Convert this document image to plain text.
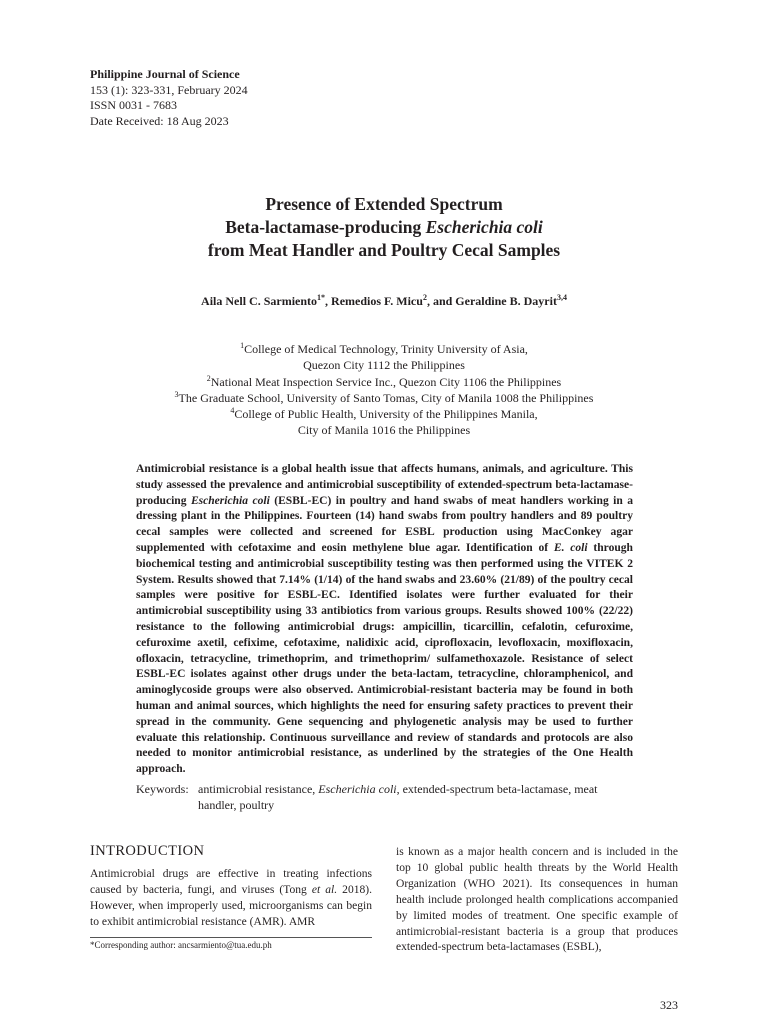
Philippine Journal of Science
153 (1): 323-331, February 2024
ISSN 0031 - 7683
Date Received: 18 Aug 2023
Presence of Extended Spectrum
Beta-lactamase-producing Escherichia coli
from Meat Handler and Poultry Cecal Samples
Aila Nell C. Sarmiento$^{1*}$, Remedios F. Micu$^2$, and Geraldine B. Dayrit$^{3,4}$
$^1$College of Medical Technology, Trinity University of Asia,
Quezon City 1112 the Philippines
$^2$National Meat Inspection Service Inc., Quezon City 1106 the Philippines
$^3$The Graduate School, University of Santo Tomas, City of Manila 1008 the Philippines
$^4$College of Public Health, University of the Philippines Manila,
City of Manila 1016 the Philippines
Antimicrobial resistance is a global health issue that affects humans, animals, and agriculture. This study assessed the prevalence and antimicrobial susceptibility of extended-spectrum beta-lactamase-producing Escherichia coli (ESBL-EC) in poultry and hand swabs of meat handlers working in a dressing plant in the Philippines. Fourteen (14) hand swabs from poultry handlers and 89 poultry cecal samples were collected and screened for ESBL production using MacConkey agar supplemented with cefotaxime and eosin methylene blue agar. Identification of E. coli through biochemical testing and antimicrobial susceptibility testing was then performed using the VITEK 2 System. Results showed that 7.14% (1/14) of the hand swabs and 23.60% (21/89) of the poultry cecal samples were positive for ESBL-EC. Identified isolates were further evaluated for their antimicrobial susceptibility using 33 antibiotics from various groups. Results showed 100% (22/22) resistance to the following antimicrobial drugs: ampicillin, ticarcillin, cefalotin, cefuroxime, cefuroxime axetil, cefixime, cefotaxime, nalidixic acid, ciprofloxacin, levofloxacin, moxifloxacin, ofloxacin, tetracycline, trimethoprim, and trimethoprim/ sulfamethoxazole. Resistance of select ESBL-EC isolates against other drugs under the beta-lactam, tetracycline, chloramphenicol, and aminoglycoside groups were also observed. Antimicrobial-resistant bacteria may be found in both human and animal sources, which highlights the need for ensuring safety practices to prevent their spread in the community. Gene sequencing and phylogenetic analysis may be used to further evaluate this relationship. Continuous surveillance and review of standards and protocols are also needed to monitor antimicrobial resistance, as underlined by the strategies of the One Health approach.
Keywords: antimicrobial resistance, Escherichia coli, extended-spectrum beta-lactamase, meat
handler, poultry
INTRODUCTION
Antimicrobial drugs are effective in treating infections caused by bacteria, fungi, and viruses (Tong et al. 2018). However, when improperly used, microorganisms can begin to exhibit antimicrobial resistance (AMR). AMR
is known as a major health concern and is included in the top 10 global public health threats by the World Health Organization (WHO 2021). Its consequences in human health include prolonged health complications accompanied by limited modes of treatment. One specific example of antimicrobial-resistant bacteria is a group that produces extended-spectrum beta-lactamases (ESBL),
*Corresponding author: ancsarmiento@tua.edu.ph
323
